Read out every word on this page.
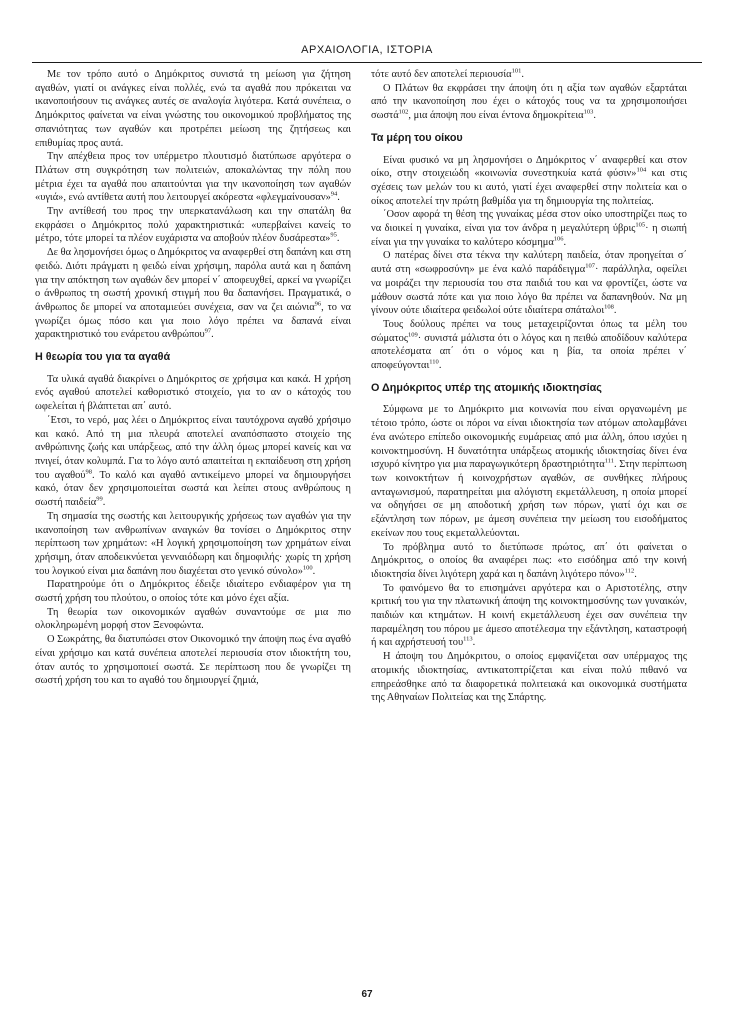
ΑΡΧΑΙΟΛΟΓΙΑ, ΙΣΤΟΡΙΑ

Με τον τρόπο αυτό ο Δημόκριτος συνιστά τη μείωση για ζήτηση αγαθών, γιατί οι ανάγκες είναι πολλές, ενώ τα αγαθά που πρόκειται να ικανοποιήσουν τις ανάγκες αυτές σε αναλογία λιγότερα. Κατά συνέπεια, ο Δημόκριτος φαίνεται να είναι γνώστης του οικονομικού προβλήματος της σπανιότητας των αγαθών και προτρέπει μείωση της ζητήσεως και επιθυμίας προς αυτά.

Την απέχθεια προς τον υπέρμετρο πλουτισμό διατύπωσε αργότερα ο Πλάτων στη συγκρότηση των πολιτειών, αποκαλώντας την πόλη που μέτρια έχει τα αγαθά που απαιτούνται για την ικανοποίηση των αγαθών «υγιά», ενώ αντίθετα αυτή που λειτουργεί ακόρεστα «φλεγμαίνουσαν»$^{94}$.

Την αντίθεσή του προς την υπερκατανάλωση και την σπατάλη θα εκφράσει ο Δημόκριτος πολύ χαρακτηριστικά: «υπερβαίνει κανείς το μέτρο, τότε μπορεί τα πλέον ευχάριστα να αποβούν πλέον δυσάρεστα»$^{95}$.

Δε θα λησμονήσει όμως ο Δημόκριτος να αναφερθεί στη δαπάνη και στη φειδώ. Διότι πράγματι η φειδώ είναι χρήσιμη, παρόλα αυτά και η δαπάνη για την απόκτηση των αγαθών δεν μπορεί ν΄ αποφευχθεί, αρκεί να γνωρίζει ο άνθρωπος τη σωστή χρονική στιγμή που θα δαπανήσει. Πραγματικά, ο άνθρωπος δε μπορεί να αποταμιεύει συνέχεια, σαν να ζει αιώνια$^{96}$, το να γνωρίζει όμως πόσο και για ποιο λόγο πρέπει να δαπανά είναι χαρακτηριστικό του ενάρετου ανθρώπου$^{97}$.

Η θεωρία του για τα αγαθά

Τα υλικά αγαθά διακρίνει ο Δημόκριτος σε χρήσιμα και κακά. Η χρήση ενός αγαθού αποτελεί καθοριστικό στοιχείο, για το αν ο κάτοχός του ωφελείται ή βλάπτεται απ΄ αυτό.

΄Ετσι, το νερό, μας λέει ο Δημόκριτος είναι ταυτόχρονα αγαθό χρήσιμο και κακό. Από τη μια πλευρά αποτελεί αναπόσπαστο στοιχείο της ανθρώπινης ζωής και υπάρξεως, από την άλλη όμως μπορεί κανείς και να πνιγεί, όταν κολυμπά. Για το λόγο αυτό απαιτείται η εκπαίδευση στη χρήση του αγαθού$^{98}$. Το καλό και αγαθό αντικείμενο μπορεί να δημιουργήσει κακό, όταν δεν χρησιμοποιείται σωστά και λείπει στους ανθρώπους η σωστή παιδεία$^{99}$.

Τη σημασία της σωστής και λειτουργικής χρήσεως των αγαθών για την ικανοποίηση των ανθρωπίνων αναγκών θα τονίσει ο Δημόκριτος στην περίπτωση των χρημάτων: «Η λογική χρησιμοποίηση των χρημάτων είναι χρήσιμη, όταν αποδεικνύεται γενναιόδωρη και δημοφιλής· χωρίς τη χρήση του λογικού είναι μια δαπάνη που διαχέεται στο γενικό σύνολο»$^{100}$.

Παρατηρούμε ότι ο Δημόκριτος έδειξε ιδιαίτερο ενδιαφέρον για τη σωστή χρήση του πλούτου, ο οποίος τότε και μόνο έχει αξία.

Τη θεωρία των οικονομικών αγαθών συναντούμε σε μια πιο ολοκληρωμένη μορφή στον Ξενοφώντα.

Ο Σωκράτης, θα διατυπώσει στον Οικονομικό την άποψη πως ένα αγαθό είναι χρήσιμο και κατά συνέπεια αποτελεί περιουσία στον ιδιοκτήτη του, όταν αυτός το χρησιμοποιεί σωστά. Σε περίπτωση που δε γνωρίζει τη σωστή χρήση του και το αγαθό του δημιουργεί ζημιά,

τότε αυτό δεν αποτελεί περιουσία$^{101}$.

Ο Πλάτων θα εκφράσει την άποψη ότι η αξία των αγαθών εξαρτάται από την ικανοποίηση που έχει ο κάτοχός τους να τα χρησιμοποιήσει σωστά$^{102}$, μια άποψη που είναι έντονα δημοκρίτεια$^{103}$.

Τα μέρη του οίκου

Είναι φυσικό να μη λησμονήσει ο Δημόκριτος ν΄ αναφερθεί και στον οίκο, στην στοιχειώδη «κοινωνία συνεστηκυία κατά φύσιν»$^{104}$ και στις σχέσεις των μελών του κι αυτό, γιατί έχει αναφερθεί στην πολιτεία και ο οίκος αποτελεί την πρώτη βαθμίδα για τη δημιουργία της πολιτείας.

΄Οσον αφορά τη θέση της γυναίκας μέσα στον οίκο υποστηρίζει πως το να διοικεί η γυναίκα, είναι για τον άνδρα η μεγαλύτερη ύβρις$^{105}$· η σιωπή είναι για την γυναίκα το καλύτερο κόσμημα$^{106}$.

Ο πατέρας δίνει στα τέκνα την καλύτερη παιδεία, όταν προηγείται σ΄ αυτά στη «σωφροσύνη» με ένα καλό παράδειγμα$^{107}$· παράλληλα, οφείλει να μοιράζει την περιουσία του στα παιδιά του και να φροντίζει, ώστε να μάθουν σωστά πότε και για ποιο λόγο θα πρέπει να δαπανηθούν. Να μη γίνουν ούτε ιδιαίτερα φειδωλοί ούτε ιδιαίτερα σπάταλοι$^{108}$.

Τους δούλους πρέπει να τους μεταχειρίζονται όπως τα μέλη του σώματος$^{109}$· συνιστά μάλιστα ότι ο λόγος και η πειθώ αποδίδουν καλύτερα αποτελέσματα απ΄ ότι ο νόμος και η βία, τα οποία πρέπει ν΄ αποφεύγονται$^{110}$.

Ο Δημόκριτος υπέρ της ατομικής ιδιοκτησίας

Σύμφωνα με το Δημόκριτο μια κοινωνία που είναι οργανωμένη με τέτοιο τρόπο, ώστε οι πόροι να είναι ιδιοκτησία των ατόμων απολαμβάνει ένα ανώτερο επίπεδο οικονομικής ευμάρειας από μια άλλη, όπου ισχύει η κοινοκτημοσύνη. Η δυνατότητα υπάρξεως ατομικής ιδιοκτησίας δίνει ένα ισχυρό κίνητρο για μια παραγωγικότερη δραστηριότητα$^{111}$. Στην περίπτωση των κοινοκτήτων ή κοινοχρήστων αγαθών, σε συνθήκες πλήρους ανταγωνισμού, παρατηρείται μια αλόγιστη εκμετάλλευση, η οποία μπορεί να οδηγήσει σε μη αποδοτική χρήση των πόρων, γιατί όχι και σε εξάντληση των πόρων, με άμεση συνέπεια την μείωση του εισοδήματος εκείνων που τους εκμεταλλεύονται.

Το πρόβλημα αυτό το διετύπωσε πρώτος, απ΄ ότι φαίνεται ο Δημόκριτος, ο οποίος θα αναφέρει πως: «το εισόδημα από την κοινή ιδιοκτησία δίνει λιγότερη χαρά και η δαπάνη λιγότερο πόνο»$^{112}$.

Το φαινόμενο θα το επισημάνει αργότερα και ο Αριστοτέλης, στην κριτική του για την πλατωνική άποψη της κοινοκτημοσύνης των γυναικών, παιδιών και κτημάτων. Η κοινή εκμετάλλευση έχει σαν συνέπεια την παραμέληση του πόρου με άμεσο αποτέλεσμα την εξάντληση, καταστροφή ή και αχρήστευσή του$^{113}$.

Η άποψη του Δημόκριτου, ο οποίος εμφανίζεται σαν υπέρμαχος της ατομικής ιδιοκτησίας, αντικατοπτρίζεται και είναι πολύ πιθανό να επηρεάσθηκε από τα διαφορετικά πολιτειακά και οικονομικά συστήματα της Αθηναίων Πολιτείας και της Σπάρτης.

67
